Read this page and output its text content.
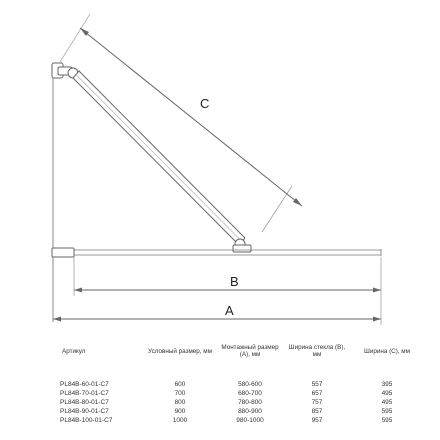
C
B
A
Артикул	Условный размер, мм	Монтажный размер (A), мм	Ширина стекла (B), мм	Ширина (C), мм
PL84B-60-01-C7	600	580-600	557	395
PL84B-70-01-C7	700	680-700	657	495
PL84B-80-01-C7	800	780-800	757	495
PL84B-90-01-C7	900	880-900	857	595
PL84B-100-01-C7	1000	980-1000	957	595
